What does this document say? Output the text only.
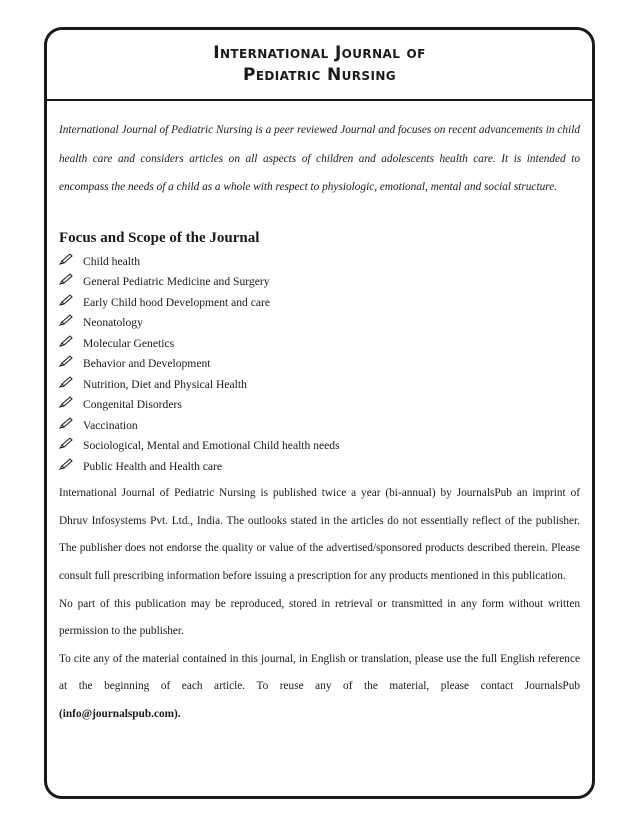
International Journal of
Pediatric Nursing

International Journal of Pediatric Nursing is a peer reviewed Journal and focuses on recent advancements in child health care and considers articles on all aspects of children and adolescents health care. It is intended to encompass the needs of a child as a whole with respect to physiologic, emotional, mental and social structure.

Focus and Scope of the Journal
Child health
General Pediatric Medicine and Surgery
Early Child hood Development and care
Neonatology
Molecular Genetics
Behavior and Development
Nutrition, Diet and Physical Health
Congenital Disorders
Vaccination
Sociological, Mental and Emotional Child health needs
Public Health and Health care

International Journal of Pediatric Nursing is published twice a year (bi-annual) by JournalsPub an imprint of Dhruv Infosystems Pvt. Ltd., India. The outlooks stated in the articles do not essentially reflect of the publisher. The publisher does not endorse the quality or value of the advertised/sponsored products described therein. Please consult full prescribing information before issuing a prescription for any products mentioned in this publication.

No part of this publication may be reproduced, stored in retrieval or transmitted in any form without written permission to the publisher.

To cite any of the material contained in this journal, in English or translation, please use the full English reference at the beginning of each article. To reuse any of the material, please contact JournalsPub (info@journalspub.com).
